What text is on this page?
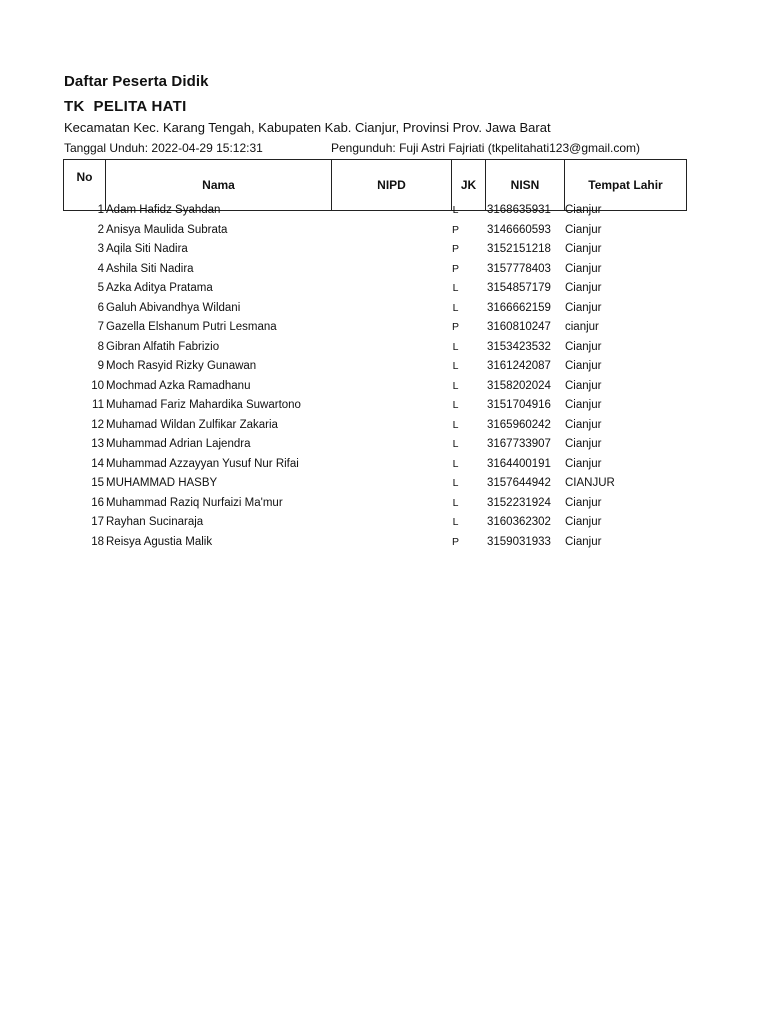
Daftar Peserta Didik
TK  PELITA HATI
Kecamatan Kec. Karang Tengah, Kabupaten Kab. Cianjur, Provinsi Prov. Jawa Barat
Tanggal Unduh: 2022-04-29 15:12:31	Pengunduh: Fuji Astri Fajriati (tkpelitahati123@gmail.com)
No	Nama	NIPD	JK	NISN	Tempat Lahir
1 Adam Hafidz Syahdan	L	3168635931 Cianjur
2 Anisya Maulida Subrata	P	3146660593 Cianjur
3 Aqila Siti Nadira	P	3152151218 Cianjur
4 Ashila Siti Nadira	P	3157778403 Cianjur
5 Azka Aditya Pratama	L	3154857179 Cianjur
6 Galuh Abivandhya Wildani	L	3166662159 Cianjur
7 Gazella Elshanum Putri Lesmana	P	3160810247 cianjur
8 Gibran Alfatih Fabrizio	L	3153423532 Cianjur
9 Moch Rasyid Rizky Gunawan	L	3161242087 Cianjur
10 Mochmad Azka Ramadhanu	L	3158202024 Cianjur
11 Muhamad Fariz Mahardika Suwartono	L	3151704916 Cianjur
12 Muhamad Wildan Zulfikar Zakaria	L	3165960242 Cianjur
13 Muhammad Adrian Lajendra	L	3167733907 Cianjur
14 Muhammad Azzayyan Yusuf Nur Rifai	L	3164400191 Cianjur
15 MUHAMMAD HASBY	L	3157644942 CIANJUR
16 Muhammad Raziq Nurfaizi Ma'mur	L	3152231924 Cianjur
17 Rayhan Sucinaraja	L	3160362302 Cianjur
18 Reisya Agustia Malik	P	3159031933 Cianjur
